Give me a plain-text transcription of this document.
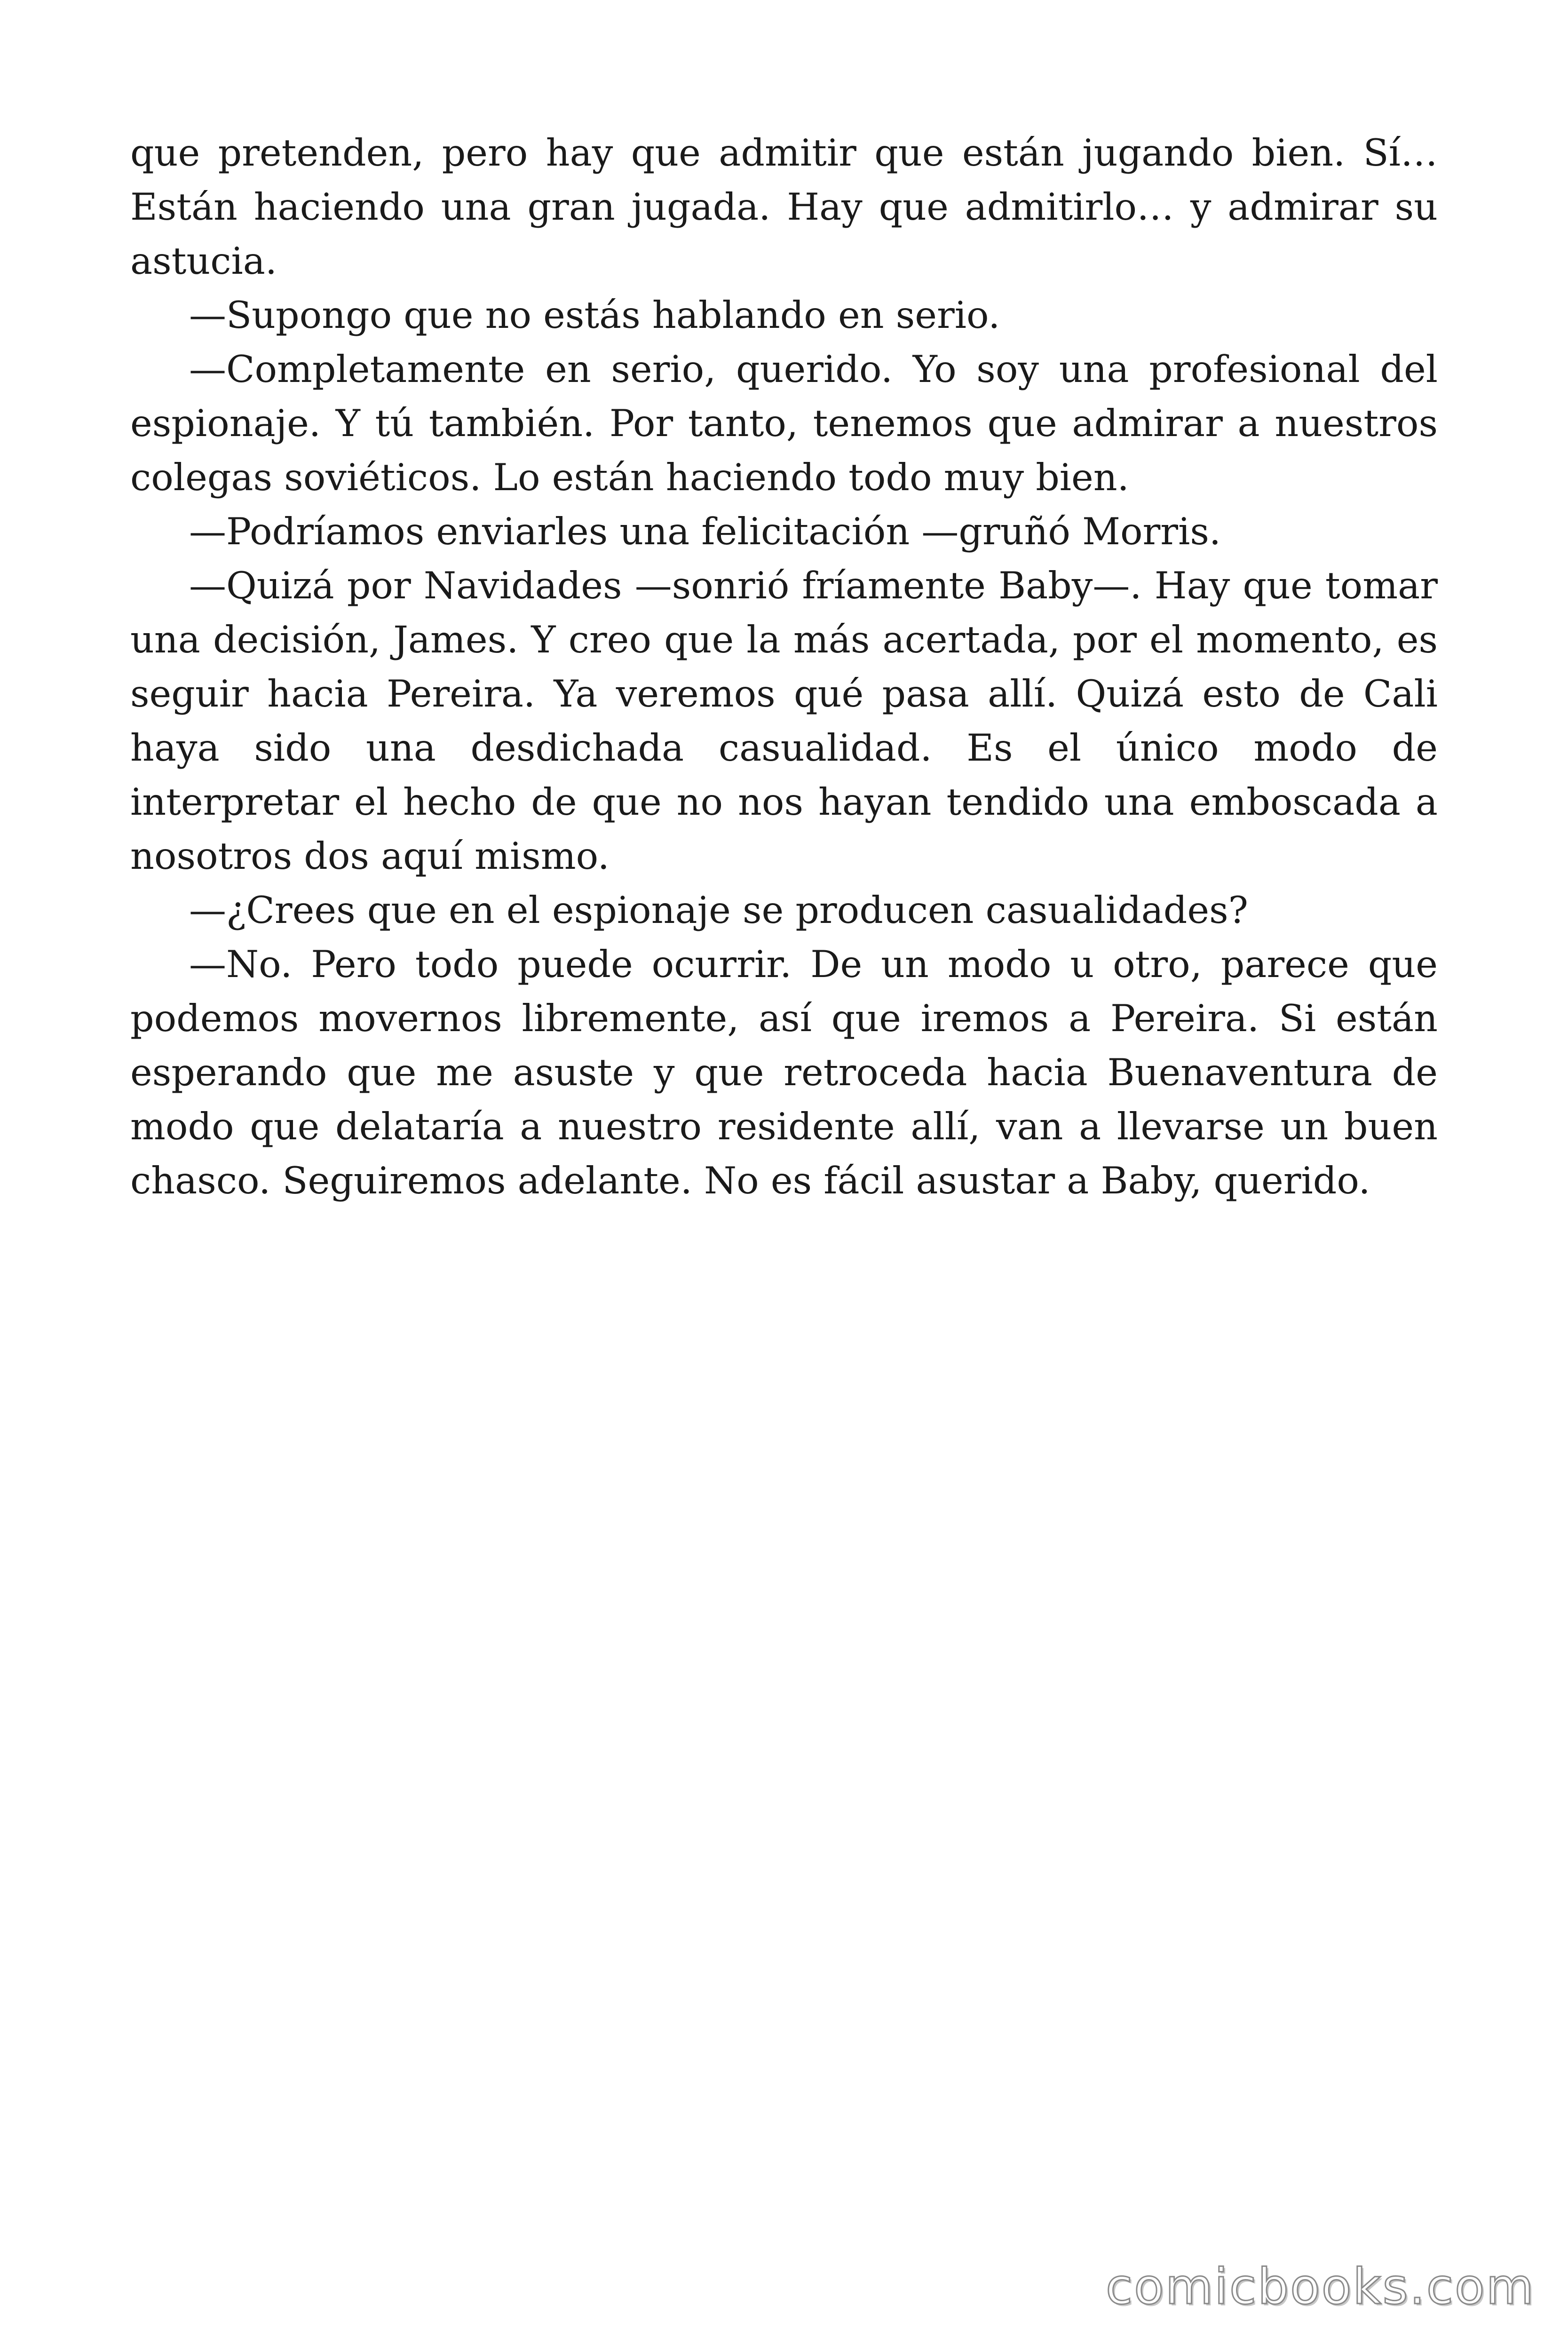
que pretenden, pero hay que admitir que están jugando bien. Sí… Están haciendo una gran jugada. Hay que admitirlo… y admirar su astucia.

—Supongo que no estás hablando en serio.

—Completamente en serio, querido. Yo soy una profesional del espionaje. Y tú también. Por tanto, tenemos que admirar a nuestros colegas soviéticos. Lo están haciendo todo muy bien.

—Podríamos enviarles una felicitación —gruñó Morris.

—Quizá por Navidades —sonrió fríamente Baby—. Hay que tomar una decisión, James. Y creo que la más acertada, por el momento, es seguir hacia Pereira. Ya veremos qué pasa allí. Quizá esto de Cali haya sido una desdichada casualidad. Es el único modo de interpretar el hecho de que no nos hayan tendido una emboscada a nosotros dos aquí mismo.

—¿Crees que en el espionaje se producen casualidades?

—No. Pero todo puede ocurrir. De un modo u otro, parece que podemos movernos libremente, así que iremos a Pereira. Si están esperando que me asuste y que retroceda hacia Buenaventura de modo que delataría a nuestro residente allí, van a llevarse un buen chasco. Seguiremos adelante. No es fácil asustar a Baby, querido.

comicbooks.com
